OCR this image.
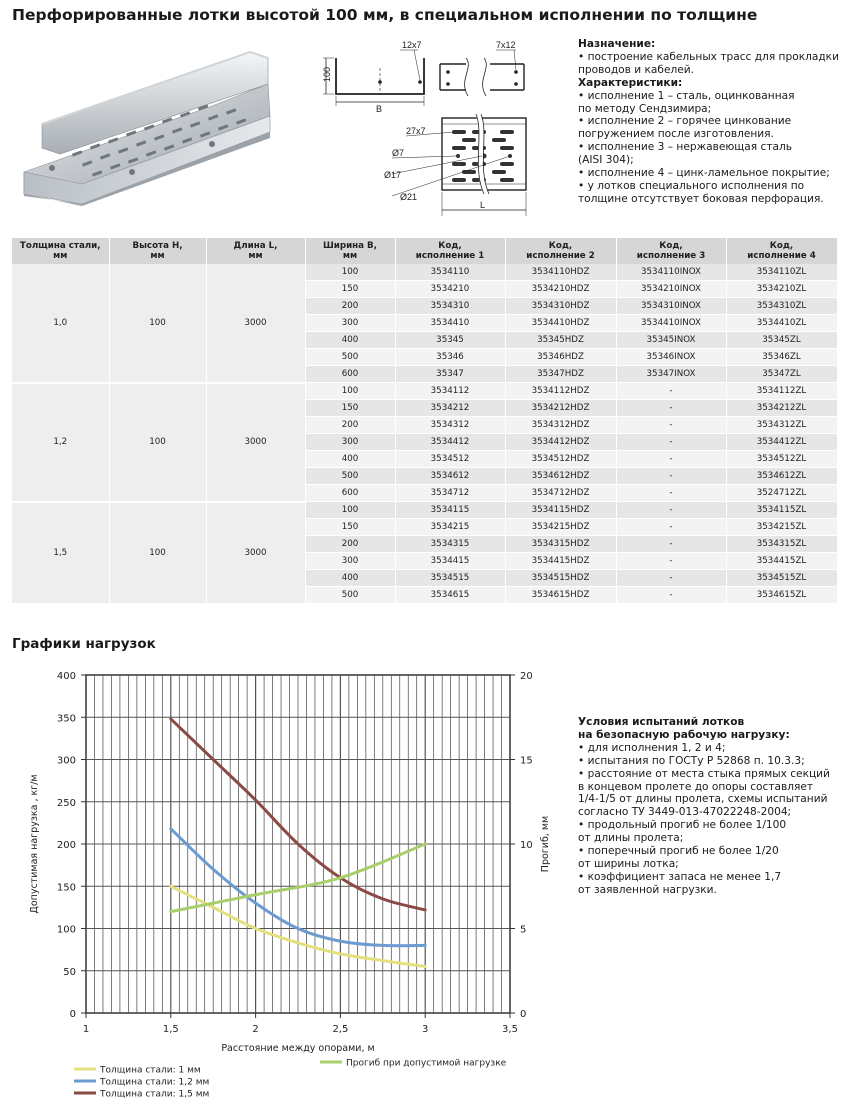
Перфорированные лотки высотой 100 мм, в специальном исполнении по толщине
12x7
100
B
7x12
27x7
Ø7
Ø17
Ø21
L
Назначение:
• построение кабельных трасс для прокладки
проводов и кабелей.
Характеристики:
• исполнение 1 – сталь, оцинкованная
по методу Сендзимира;
• исполнение 2 – горячее цинкование
погружением после изготовления.
• исполнение 3 – нержавеющая сталь
(AISI 304);
• исполнение 4 – цинк-ламельное покрытие;
• у лотков специального исполнения по
толщине отсутствует боковая перфорация.
Толщина стали,
мм	Высота H,
мм	Длина L,
мм	Ширина B,
мм	Код,
исполнение 1	Код,
исполнение 2	Код,
исполнение 3	Код,
исполнение 4
1,0	100	3000	100	3534110	3534110HDZ	3534110INOX	3534110ZL
			150	3534210	3534210HDZ	3534210INOX	3534210ZL
			200	3534310	3534310HDZ	3534310INOX	3534310ZL
			300	3534410	3534410HDZ	3534410INOX	3534410ZL
			400	35345	35345HDZ	35345INOX	35345ZL
			500	35346	35346HDZ	35346INOX	35346ZL
			600	35347	35347HDZ	35347INOX	35347ZL
1,2	100	3000	100	3534112	3534112HDZ	-	3534112ZL
			150	3534212	3534212HDZ	-	3534212ZL
			200	3534312	3534312HDZ	-	3534312ZL
			300	3534412	3534412HDZ	-	3534412ZL
			400	3534512	3534512HDZ	-	3534512ZL
			500	3534612	3534612HDZ	-	3534612ZL
			600	3534712	3534712HDZ	-	3524712ZL
1,5	100	3000	100	3534115	3534115HDZ	-	3534115ZL
			150	3534215	3534215HDZ	-	3534215ZL
			200	3534315	3534315HDZ	-	3534315ZL
			300	3534415	3534415HDZ	-	3534415ZL
			400	3534515	3534515HDZ	-	3534515ZL
			500	3534615	3534615HDZ	-	3534615ZL
Графики нагрузок
1	1,5	2	2,5	3	3,5
0
50
100
150
200
250
300
350
400
0
5
10
15
20
Расстояние между опорами, м
Допустимая нагрузка , кг/м	Прогиб, мм
Толщина стали: 1 мм
Толщина стали: 1,2 мм
Толщина стали: 1,5 мм
Прогиб при допустимой нагрузке
Условия испытаний лотков
на безопасную рабочую нагрузку:
• для исполнения 1, 2 и 4;
• испытания по ГОСТу Р 52868 п. 10.3.3;
• расстояние от места стыка прямых секций
в концевом пролете до опоры составляет
1/4-1/5 от длины пролета, схемы испытаний
согласно ТУ 3449-013-47022248-2004;
• продольный прогиб не более 1/100
от длины пролета;
• поперечный прогиб не более 1/20
от ширины лотка;
• коэффициент запаса не менее 1,7
от заявленной нагрузки.
